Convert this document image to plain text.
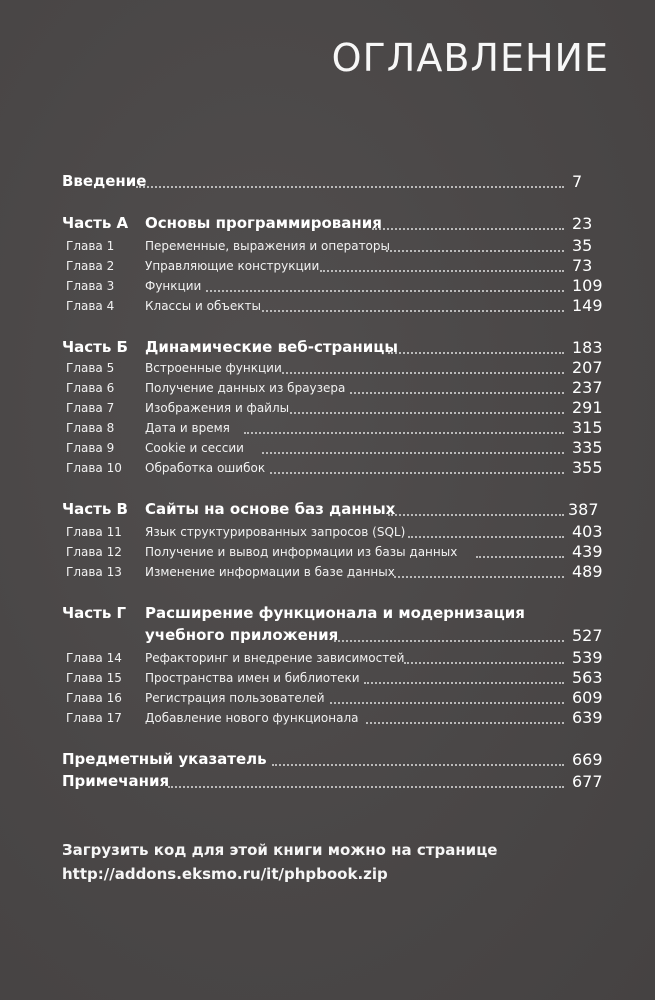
ОГЛАВЛЕНИЕ
Введение	7
Часть А Основы программирования	23
Глава 1	Переменные, выражения и операторы	35
Глава 2	Управляющие конструкции	73
Глава 3	Функции	109
Глава 4	Классы и объекты	149
Часть Б Динамические веб-страницы	183
Глава 5	Встроенные функции	207
Глава 6	Получение данных из браузера	237
Глава 7	Изображения и файлы	291
Глава 8	Дата и время	315
Глава 9	Cookie и сессии	335
Глава 10 Обработка ошибок	355
Часть В Сайты на основе баз данных	387
Глава 11 Язык структурированных запросов (SQL)	403
Глава 12 Получение и вывод информации из базы данных	439
Глава 13 Изменение информации в базе данных	489
Часть Г Расширение функционала и модернизация
учебного приложения	527
Глава 14 Рефакторинг и внедрение зависимостей	539
Глава 15 Пространства имен и библиотеки	563
Глава 16 Регистрация пользователей	609
Глава 17 Добавление нового функционала	639
Предметный указатель	669
Примечания	677
Загрузить код для этой книги можно на странице
http://addons.eksmo.ru/it/phpbook.zip
